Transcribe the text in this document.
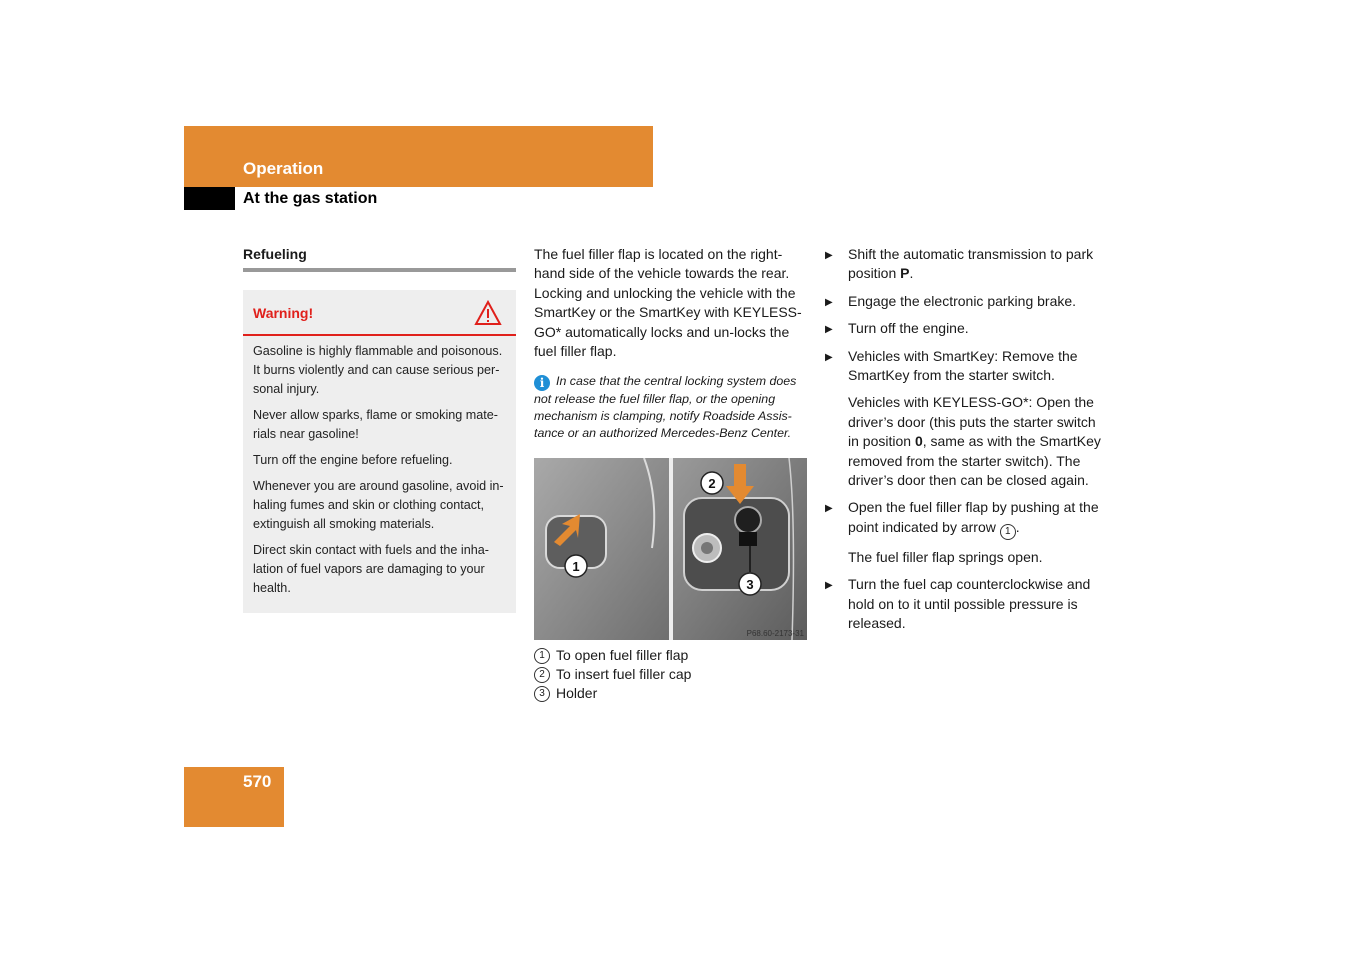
Operation
At the gas station
Refueling
Warning!

Gasoline is highly flammable and poisonous. It burns violently and can cause serious per-sonal injury.

Never allow sparks, flame or smoking mate-rials near gasoline!

Turn off the engine before refueling.

Whenever you are around gasoline, avoid in-haling fumes and skin or clothing contact, extinguish all smoking materials.

Direct skin contact with fuels and the inha-lation of fuel vapors are damaging to your health.

The fuel filler flap is located on the right-hand side of the vehicle towards the rear. Locking and unlocking the vehicle with the SmartKey or the SmartKey with KEYLESS-GO* automatically locks and un-locks the fuel filler flap.

i In case that the central locking system does not release the fuel filler flap, or the opening mechanism is clamping, notify Roadside Assis-tance or an authorized Mercedes-Benz Center.

1
2
3
P68.60-2173-31
1 To open fuel filler flap
2 To insert fuel filler cap
3 Holder

▶ Shift the automatic transmission to park position P.

▶ Engage the electronic parking brake.

▶ Turn off the engine.

▶ Vehicles with SmartKey: Remove the SmartKey from the starter switch.

Vehicles with KEYLESS-GO*: Open the driver’s door (this puts the starter switch in position 0, same as with the SmartKey removed from the starter switch). The driver’s door then can be closed again.

▶ Open the fuel filler flap by pushing at the point indicated by arrow 1 .

The fuel filler flap springs open.

▶ Turn the fuel cap counterclockwise and hold on to it until possible pressure is released.

570
